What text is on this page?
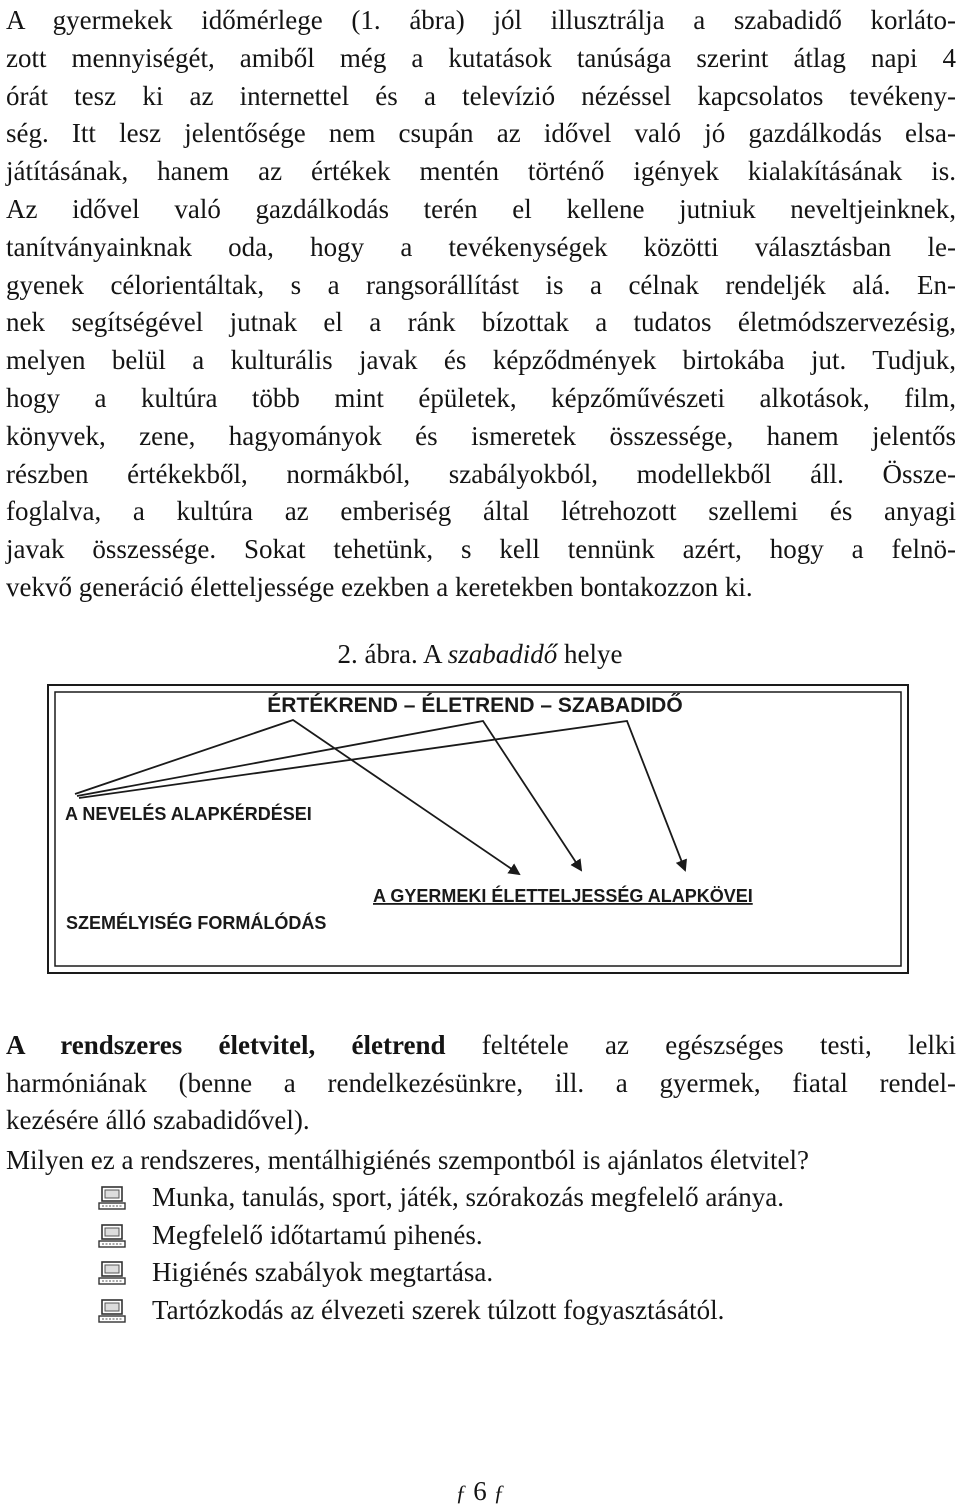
A gyermekek időmérlege (1. ábra) jól illusztrálja a szabadidő korláto-
zott mennyiségét, amiből még a kutatások tanúsága szerint átlag napi 4
órát tesz ki az internettel és a televízió nézéssel kapcsolatos tevékeny-
ség. Itt lesz jelentősége nem csupán az idővel való jó gazdálkodás elsa-
játításának, hanem az értékek mentén történő igények kialakításának is.
Az idővel való gazdálkodás terén el kellene jutniuk neveltjeinknek,
tanítványainknak oda, hogy a tevékenységek közötti választásban le-
gyenek célorientáltak, s a rangsorállítást is a célnak rendeljék alá. En-
nek segítségével jutnak el a ránk bízottak a tudatos életmódszervezésig,
melyen belül a kulturális javak és képződmények birtokába jut. Tudjuk,
hogy a kultúra több mint épületek, képzőművészeti alkotások, film,
könyvek, zene, hagyományok és ismeretek összessége, hanem jelentős
részben értékekből, normákból, szabályokból, modellekből áll. Össze-
foglalva, a kultúra az emberiség által létrehozott szellemi és anyagi
javak összessége. Sokat tehetünk, s kell tennünk azért, hogy a felnö-
vekvő generáció életteljessége ezekben a keretekben bontakozzon ki.
2. ábra. A szabadidő helye
ÉRTÉKREND – ÉLETREND – SZABADIDŐ
A NEVELÉS ALAPKÉRDÉSEI
A GYERMEKI ÉLETTELJESSÉG ALAPKÖVEI
SZEMÉLYISÉG FORMÁLÓDÁS
A rendszeres életvitel, életrend feltétele az egészséges testi, lelki
harmóniának (benne a rendelkezésünkre, ill. a gyermek, fiatal rendel-
kezésére álló szabadidővel).
Milyen ez a rendszeres, mentálhigiénés szempontból is ajánlatos életvitel?
Munka, tanulás, sport, játék, szórakozás megfelelő aránya.
Megfelelő időtartamú pihenés.
Higiénés szabályok megtartása.
Tartózkodás az élvezeti szerek túlzott fogyasztásától.
ƒ 6 ƒ
